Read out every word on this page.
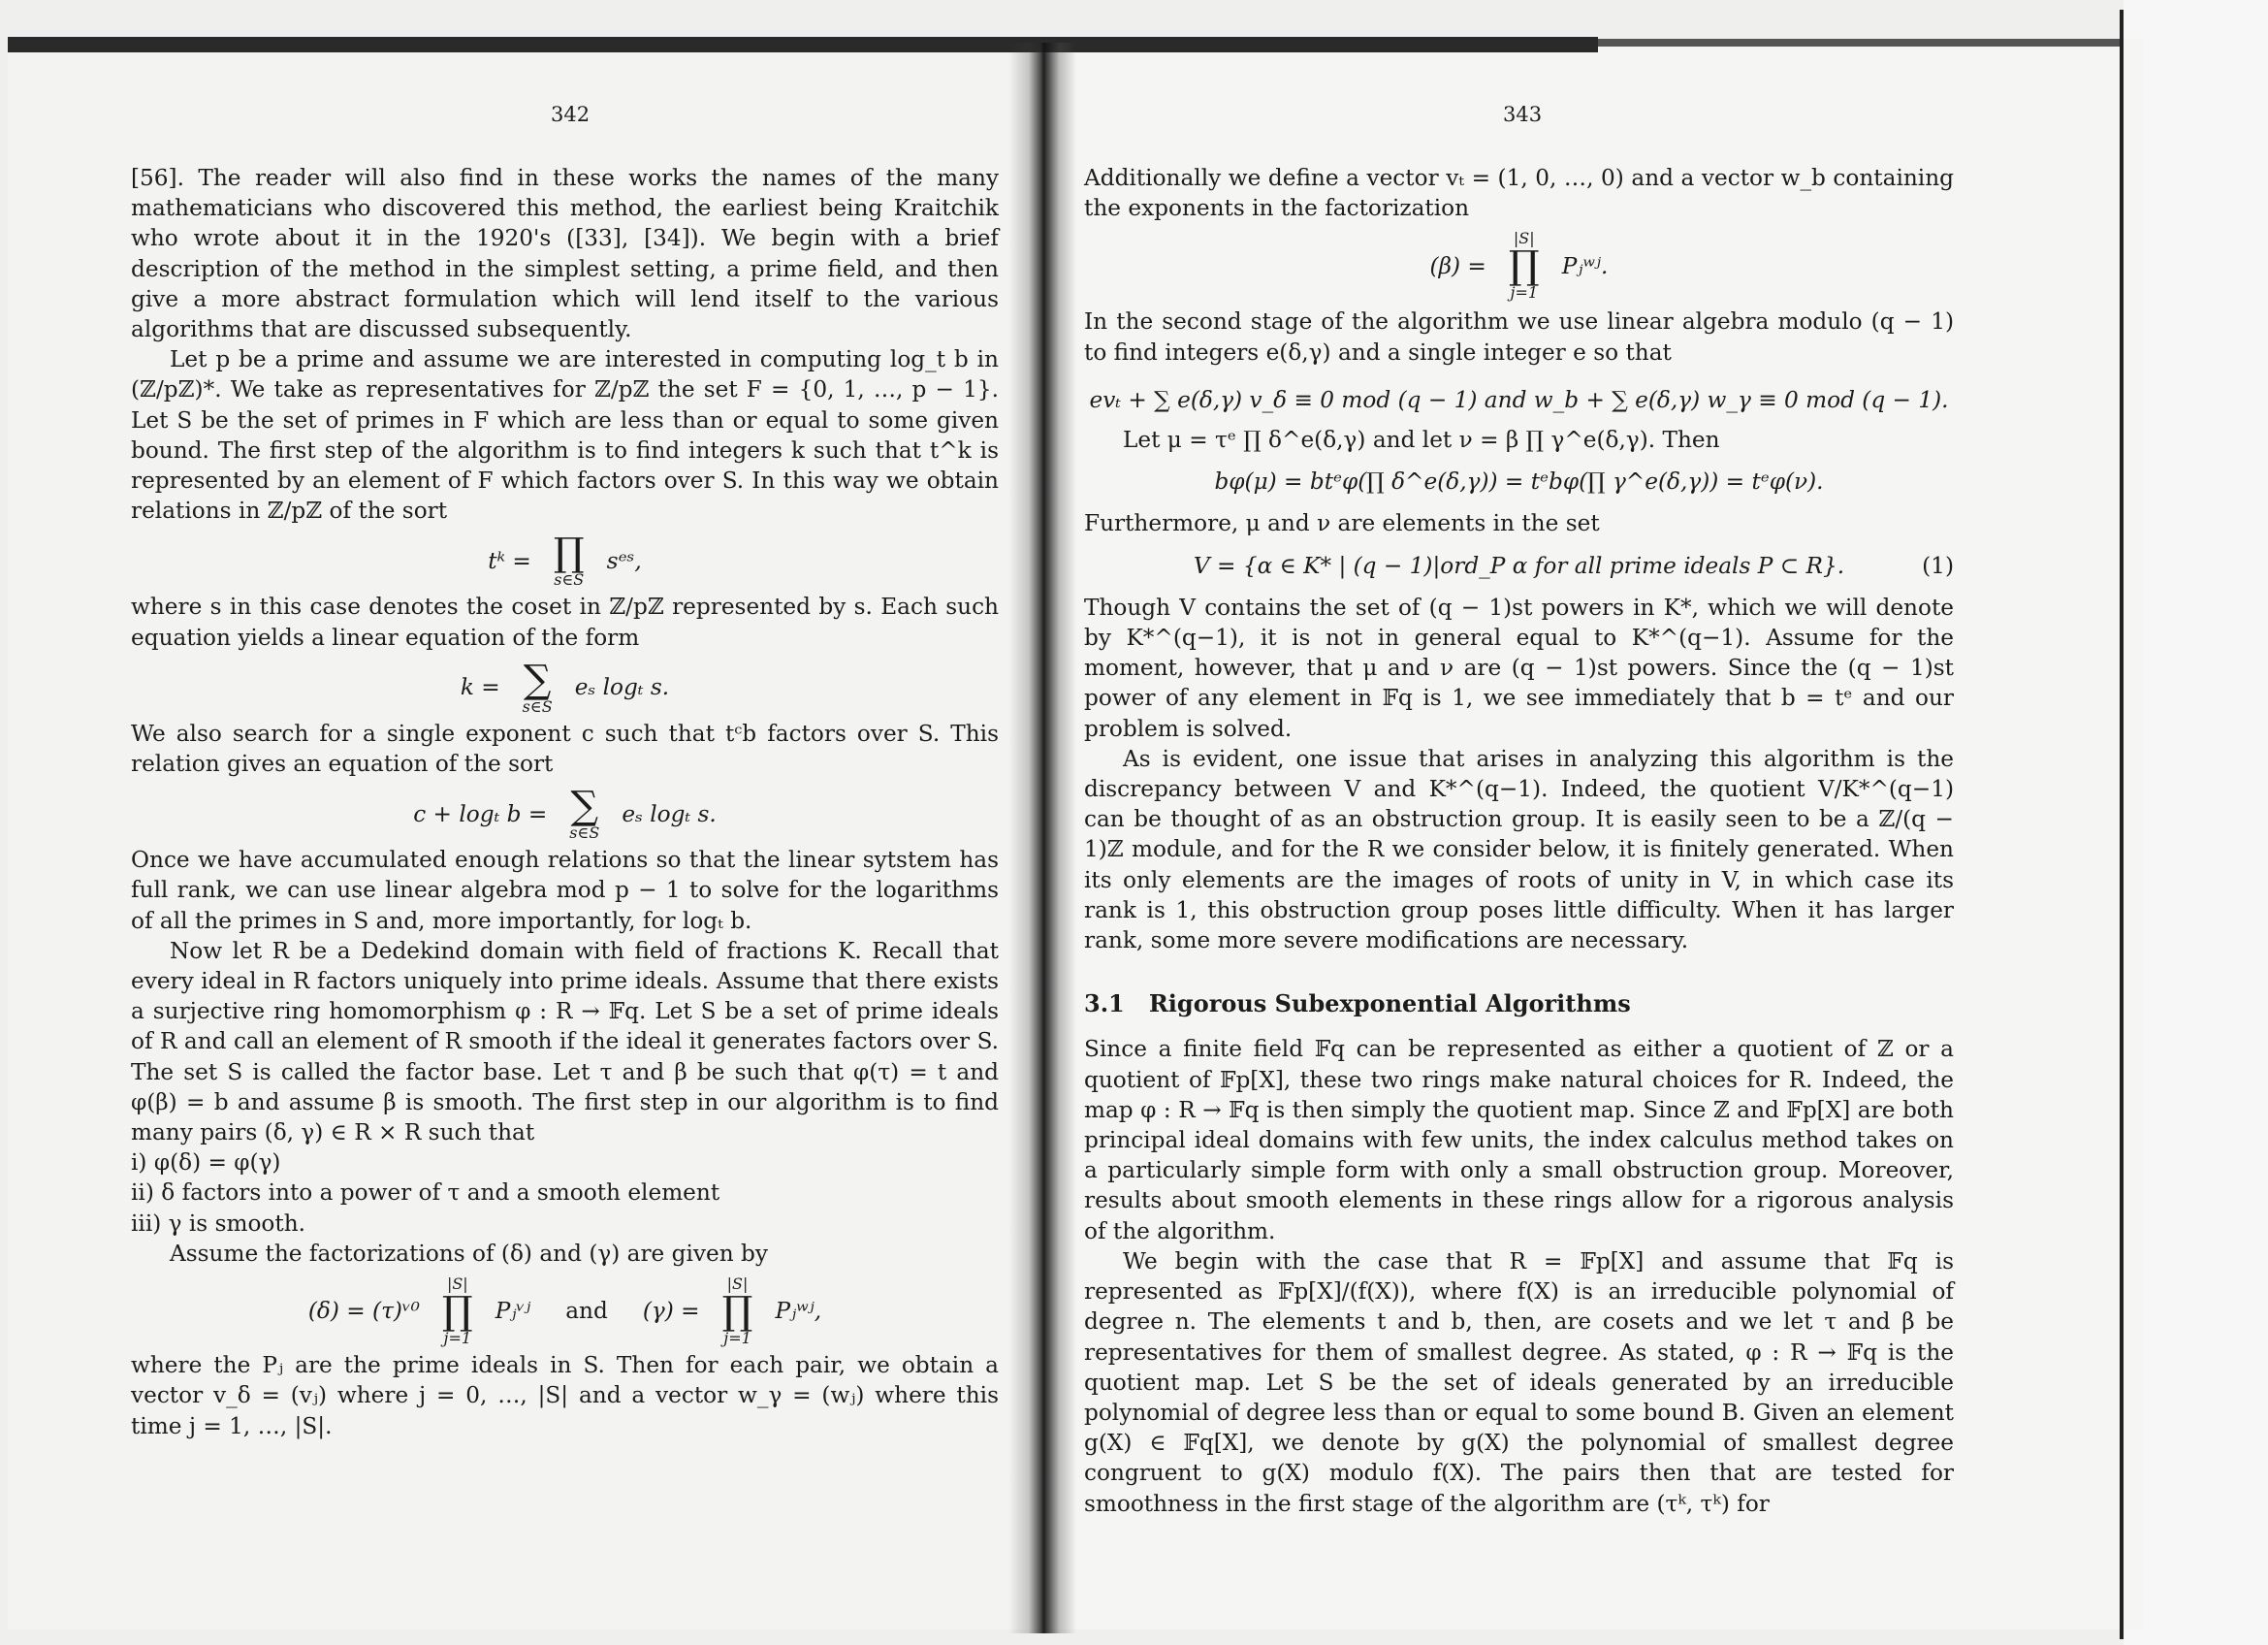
342	343

[56]. The reader will also find in these works the names of the many mathematicians who discovered this method, the earliest being Kraitchik who wrote about it in the 1920's ([33], [34]). We begin with a brief description of the method in the simplest setting, a prime field, and then give a more abstract formulation which will lend itself to the various algorithms that are discussed subsequently.

Let p be a prime and assume we are interested in computing log_t b in (ℤ/pℤ)*. We take as representatives for ℤ/pℤ the set F = {0, 1, …, p − 1}. Let S be the set of primes in F which are less than or equal to some given bound. The first step of the algorithm is to find integers k such that t^k is represented by an element of F which factors over S. In this way we obtain relations in ℤ/pℤ of the sort

tᵏ = ∏
s∈S
sᵉˢ,

where s in this case denotes the coset in ℤ/pℤ represented by s. Each such equation yields a linear equation of the form

k = ∑
s∈S
eₛ logₜ s.

We also search for a single exponent c such that tᶜb factors over S. This relation gives an equation of the sort

c + logₜ b = ∑
s∈S
eₛ logₜ s.

Once we have accumulated enough relations so that the linear sytstem has full rank, we can use linear algebra mod p − 1 to solve for the logarithms of all the primes in S and, more importantly, for logₜ b.

Now let R be a Dedekind domain with field of fractions K. Recall that every ideal in R factors uniquely into prime ideals. Assume that there exists a surjective ring homomorphism φ : R → 𝔽q. Let S be a set of prime ideals of R and call an element of R smooth if the ideal it generates factors over S. The set S is called the factor base. Let τ and β be such that φ(τ) = t and φ(β) = b and assume β is smooth. The first step in our algorithm is to find many pairs (δ, γ) ∈ R × R such that

i) φ(δ) = φ(γ)
ii) δ factors into a power of τ and a smooth element
iii) γ is smooth.

Assume the factorizations of (δ) and (γ) are given by

(δ) = (τ)ᵛ⁰
|S|
∏
j=1
Pⱼᵛʲ and (γ) =
|S|
∏
j=1
Pⱼʷʲ,

where the Pⱼ are the prime ideals in S. Then for each pair, we obtain a vector v_δ = (vⱼ) where j = 0, …, |S| and a vector w_γ = (wⱼ) where this time j = 1, …, |S|.

Additionally we define a vector vₜ = (1, 0, …, 0) and a vector w_b containing the exponents in the factorization

(β) =
|S|
∏
j=1
Pⱼʷʲ.

In the second stage of the algorithm we use linear algebra modulo (q − 1) to find integers e(δ,γ) and a single integer e so that

evₜ + ∑ e(δ,γ) v_δ ≡ 0 mod (q − 1) and w_b + ∑ e(δ,γ) w_γ ≡ 0 mod (q − 1).

Let μ = τᵉ ∏ δ^e(δ,γ) and let ν = β ∏ γ^e(δ,γ). Then

bφ(μ) = btᵉφ(∏ δ^e(δ,γ)) = tᵉbφ(∏ γ^e(δ,γ)) = tᵉφ(ν).

Furthermore, μ and ν are elements in the set

V = {α ∈ K* | (q − 1)|ord_P α for all prime ideals P ⊂ R}.	(1)

Though V contains the set of (q − 1)st powers in K*, which we will denote by K*^(q−1), it is not in general equal to K*^(q−1). Assume for the moment, however, that μ and ν are (q − 1)st powers. Since the (q − 1)st power of any element in 𝔽q is 1, we see immediately that b = tᵉ and our problem is solved.

As is evident, one issue that arises in analyzing this algorithm is the discrepancy between V and K*^(q−1). Indeed, the quotient V/K*^(q−1) can be thought of as an obstruction group. It is easily seen to be a ℤ/(q − 1)ℤ module, and for the R we consider below, it is finitely generated. When its only elements are the images of roots of unity in V, in which case its rank is 1, this obstruction group poses little difficulty. When it has larger rank, some more severe modifications are necessary.

3.1 Rigorous Subexponential Algorithms

Since a finite field 𝔽q can be represented as either a quotient of ℤ or a quotient of 𝔽p[X], these two rings make natural choices for R. Indeed, the map φ : R → 𝔽q is then simply the quotient map. Since ℤ and 𝔽p[X] are both principal ideal domains with few units, the index calculus method takes on a particularly simple form with only a small obstruction group. Moreover, results about smooth elements in these rings allow for a rigorous analysis of the algorithm.

We begin with the case that R = 𝔽p[X] and assume that 𝔽q is represented as 𝔽p[X]/(f(X)), where f(X) is an irreducible polynomial of degree n. The elements t and b, then, are cosets and we let τ and β be representatives for them of smallest degree. As stated, φ : R → 𝔽q is the quotient map. Let S be the set of ideals generated by an irreducible polynomial of degree less than or equal to some bound B. Given an element g(X) ∈ 𝔽q[X], we denote by g(X) the polynomial of smallest degree congruent to g(X) modulo f(X). The pairs then that are tested for smoothness in the first stage of the algorithm are (τᵏ, τᵏ) for
